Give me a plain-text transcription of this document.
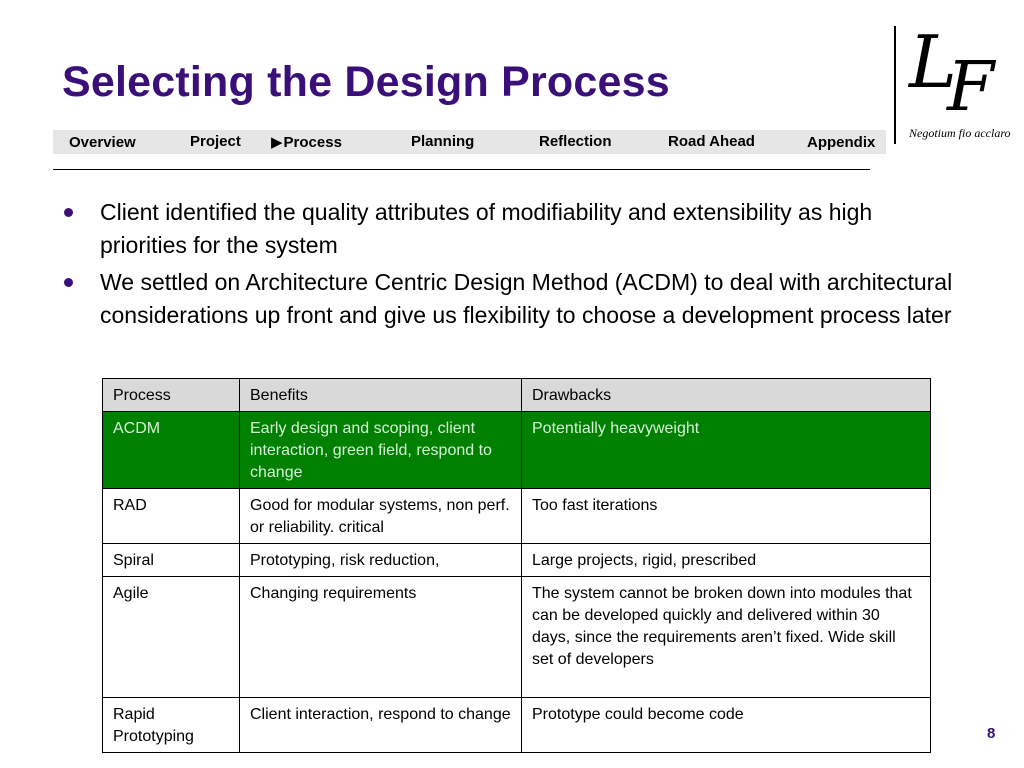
Selecting the Design Process
Overview	Project ▶Process	Planning	Reflection	Road Ahead	Appendix
L
F
Negotium fio acclaro
Client identified the quality attributes of modifiability and extensibility as high priorities for the system
We settled on Architecture Centric Design Method (ACDM) to deal with architectural considerations up front and give us flexibility to choose a development process later
Process	Benefits	Drawbacks
ACDM	Early design and scoping, client interaction, green field, respond to change	Potentially heavyweight
RAD	Good for modular systems, non perf. or reliability. critical	Too fast iterations
Spiral	Prototyping, risk reduction,	Large projects, rigid, prescribed
Agile	Changing requirements	The system cannot be broken down into modules that can be developed quickly and delivered within 30 days, since the requirements aren’t fixed. Wide skill set of developers
Rapid Prototyping	Client interaction, respond to change	Prototype could become code
8
